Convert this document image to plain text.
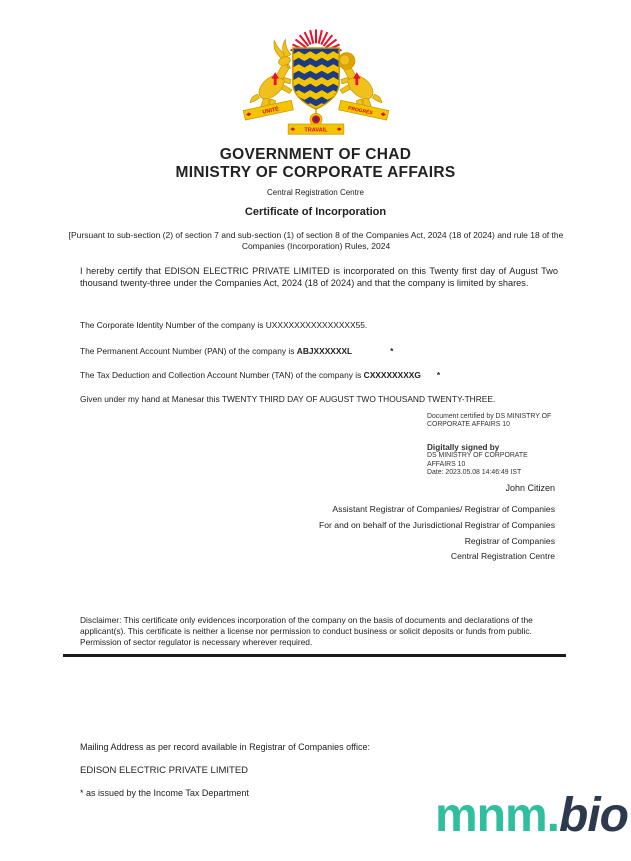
UNITÉ	PROGRÈS
TRAVAIL
GOVERNMENT OF CHAD
MINISTRY OF CORPORATE AFFAIRS
Central Registration Centre
Certificate of Incorporation
[Pursuant to sub-section (2) of section 7 and sub-section (1) of section 8 of the Companies Act, 2024 (18 of 2024) and rule 18 of the Companies (Incorporation) Rules, 2024
I hereby certify that EDISON ELECTRIC PRIVATE LIMITED is incorporated on this Twenty first day of August Two thousand twenty-three under the Companies Act, 2024 (18 of 2024) and that the company is limited by shares.
The Corporate Identity Number of the company is UXXXXXXXXXXXXXXX55.
The Permanent Account Number (PAN) of the company is ABJXXXXXXL	*
The Tax Deduction and Collection Account Number (TAN) of the company is CXXXXXXXXG *
Given under my hand at Manesar this TWENTY THIRD DAY OF AUGUST TWO THOUSAND TWENTY-THREE.
Document certified by DS MINISTRY OF
CORPORATE AFFAIRS 10
Digitally signed by
DS MINISTRY OF CORPORATE
AFFAIRS 10
Date: 2023.05.08 14:46:49 IST
John Citizen
Assistant Registrar of Companies/ Registrar of Companies
For and on behalf of the Jurisdictional Registrar of Companies
Registrar of Companies
Central Registration Centre
Disclaimer: This certificate only evidences incorporation of the company on the basis of documents and declarations of the applicant(s). This certificate is neither a license nor permission to conduct business or solicit deposits or funds from public. Permission of sector regulator is necessary wherever required.
Mailing Address as per record available in Registrar of Companies office:
EDISON ELECTRIC PRIVATE LIMITED
* as issued by the Income Tax Department	mnm.bio
